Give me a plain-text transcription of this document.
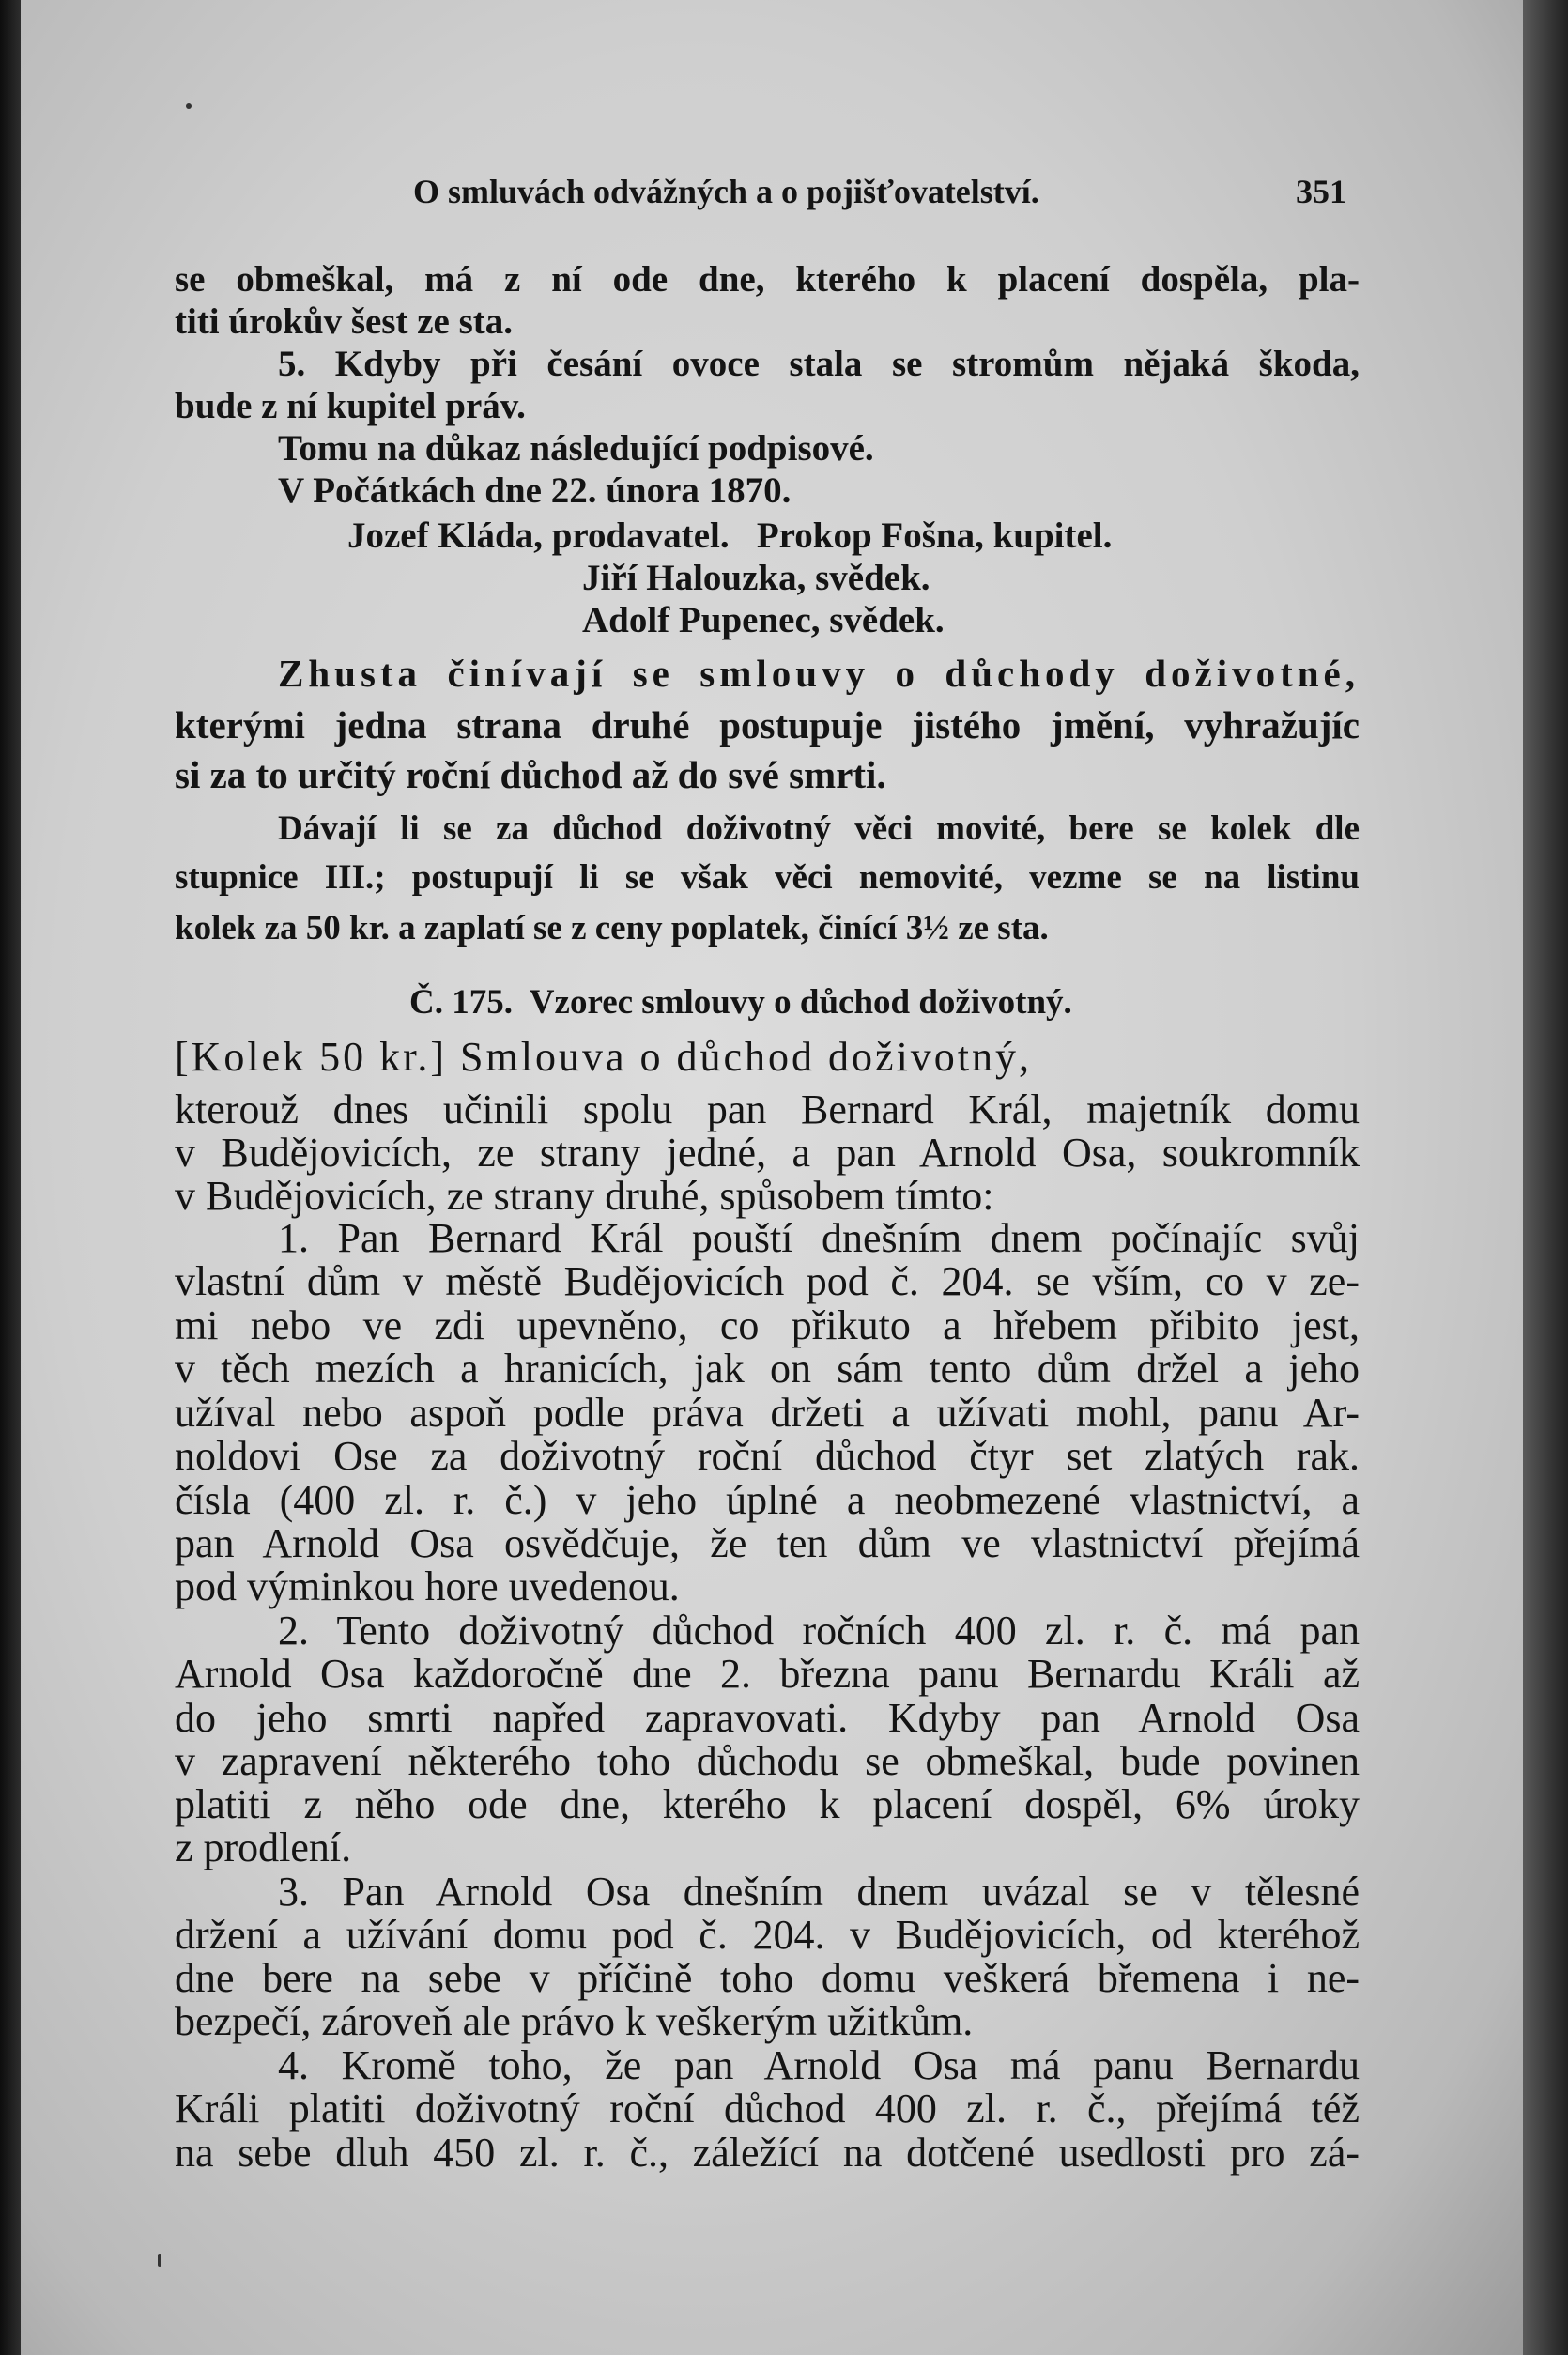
O smluvách odvážných a o pojišťovatelství.	351
se obmeškal, má z ní ode dne, kterého k placení dospěla, pla-
titi úrokův šest ze sta.
5. Kdyby při česání ovoce stala se stromům nějaká škoda,
bude z ní kupitel práv.
Tomu na důkaz následující podpisové.
V Počátkách dne 22. února 1870.
Jozef Kláda, prodavatel.   Prokop Fošna, kupitel.
Jiří Halouzka, svědek.
Adolf Pupenec, svědek.
Zhusta činívají se smlouvy o důchody doživotné,
kterými jedna strana druhé postupuje jistého jmění, vyhražujíc
si za to určitý roční důchod až do své smrti.
Dávají li se za důchod doživotný věci movité, bere se kolek dle
stupnice III.; postupují li se však věci nemovité, vezme se na listinu
kolek za 50 kr. a zaplatí se z ceny poplatek, činící 3½ ze sta.
Č. 175.  Vzorec smlouvy o důchod doživotný.
[Kolek 50 kr.] Smlouva o důchod doživotný,
kterouž dnes učinili spolu pan Bernard Král, majetník domu
v Budějovicích, ze strany jedné, a pan Arnold Osa, soukromník
v Budějovicích, ze strany druhé, spůsobem tímto:
1. Pan Bernard Král pouští dnešním dnem počínajíc svůj
vlastní dům v městě Budějovicích pod č. 204. se vším, co v ze-
mi nebo ve zdi upevněno, co přikuto a hřebem přibito jest,
v těch mezích a hranicích, jak on sám tento dům držel a jeho
užíval nebo aspoň podle práva držeti a užívati mohl, panu Ar-
noldovi Ose za doživotný roční důchod čtyr set zlatých rak.
čísla (400 zl. r. č.) v jeho úplné a neobmezené vlastnictví, a
pan Arnold Osa osvědčuje, že ten dům ve vlastnictví přejímá
pod výminkou hore uvedenou.
2. Tento doživotný důchod ročních 400 zl. r. č. má pan
Arnold Osa každoročně dne 2. března panu Bernardu Králi až
do jeho smrti napřed zapravovati. Kdyby pan Arnold Osa
v zapravení některého toho důchodu se obmeškal, bude povinen
platiti z něho ode dne, kterého k placení dospěl, 6% úroky
z prodlení.
3. Pan Arnold Osa dnešním dnem uvázal se v tělesné
držení a užívání domu pod č. 204. v Budějovicích, od kteréhož
dne bere na sebe v příčině toho domu veškerá břemena i ne-
bezpečí, zároveň ale právo k veškerým užitkům.
4. Kromě toho, že pan Arnold Osa má panu Bernardu
Králi platiti doživotný roční důchod 400 zl. r. č., přejímá též
na sebe dluh 450 zl. r. č., záležící na dotčené usedlosti pro zá-
